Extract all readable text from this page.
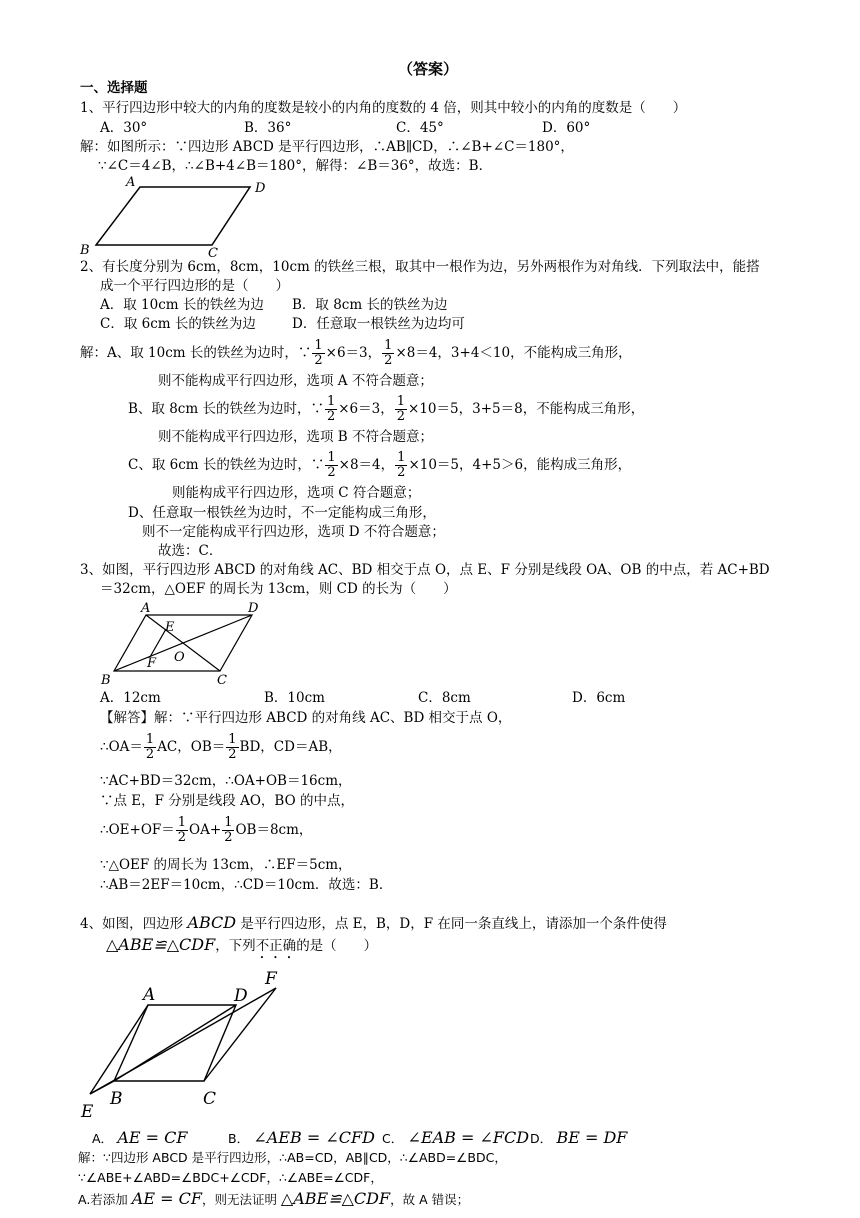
（答案）
一、选择题
1、平行四边形中较大的内角的度数是较小的内角的度数的 4 倍，则其中较小的内角的度数是（　　）
A．30°	B．36°	C．45°	D．60°
解：如图所示：∵四边形 ABCD 是平行四边形，∴AB∥CD，∴∠B+∠C＝180°，
∵∠C＝4∠B，∴∠B+4∠B＝180°，解得：∠B＝36°，故选：B．
A	D
B	C
A	D
B	C
E
F O
A	D
F
B	C
E
2、有长度分别为 6cm，8cm，10cm 的铁丝三根，取其中一根作为边，另外两根作为对角线．下列取法中，能搭
成一个平行四边形的是（　　）
A．取 10cm 长的铁丝为边 B．取 8cm 长的铁丝为边
C．取 6cm 长的铁丝为边	D．任意取一根铁丝为边均可
解：A、取 10cm 长的铁丝为边时，∵ $\frac{1}{2} \times 6=3$， $\frac{1}{2} \times 8=4$，3+4＜10，不能构成三角形，
则不能构成平行四边形，选项 A 不符合题意；
B、取 8cm 长的铁丝为边时，∵ $\frac{1}{2} \times 6=3$， $\frac{1}{2} \times 10=5$，3+5＝8，不能构成三角形，
则不能构成平行四边形，选项 B 不符合题意；
C、取 6cm 长的铁丝为边时，∵ $\frac{1}{2} \times 8=4$， $\frac{1}{2} \times 10=5$，4+5＞6，能构成三角形，
则能构成平行四边形，选项 C 符合题意；
D、任意取一根铁丝为边时，不一定能构成三角形，
则不一定能构成平行四边形，选项 D 不符合题意；
故选：C．
3、如图，平行四边形 ABCD 的对角线 AC、BD 相交于点 O，点 E、F 分别是线段 OA、OB 的中点，若 AC+BD
＝32cm，△OEF 的周长为 13cm，则 CD 的长为（　　）
A．12cm	B．10cm	C．8cm	D．6cm
【解答】解：∵平行四边形 ABCD 的对角线 AC、BD 相交于点 O，
∴OA＝ $\frac{1}{2}$ AC，$OB= \frac{1}{2}$ BD，CD＝AB，
∵AC+BD＝32cm，∴OA+OB＝16cm，
∵点 E，F 分别是线段 AO，BO 的中点，
∴OE+OF＝ $\frac{1}{2} OA+ \frac{1}{2} OB=8cm$，
∵△OEF 的周长为 13cm，∴EF＝5cm，
∴AB＝2EF＝10cm，∴CD＝10cm．故选：B．
4、如图，四边形 ABCD 是平行四边形，点 E，B，D，F 在同一条直线上，请添加一个条件使得
△ABE≌△CDF，下列不正确的是（　　）
A． AE = CF	B． ∠AEB = ∠CFD C． ∠EAB = ∠FCD D． BE = DF
解：∵四边形 ABCD 是平行四边形，∴AB=CD，AB∥CD，∴∠ABD=∠BDC，
∵∠ABE+∠ABD=∠BDC+∠CDF，∴∠ABE=∠CDF，
A.若添加 AE = CF，则无法证明 △ABE≌△CDF，故 A 错误；
